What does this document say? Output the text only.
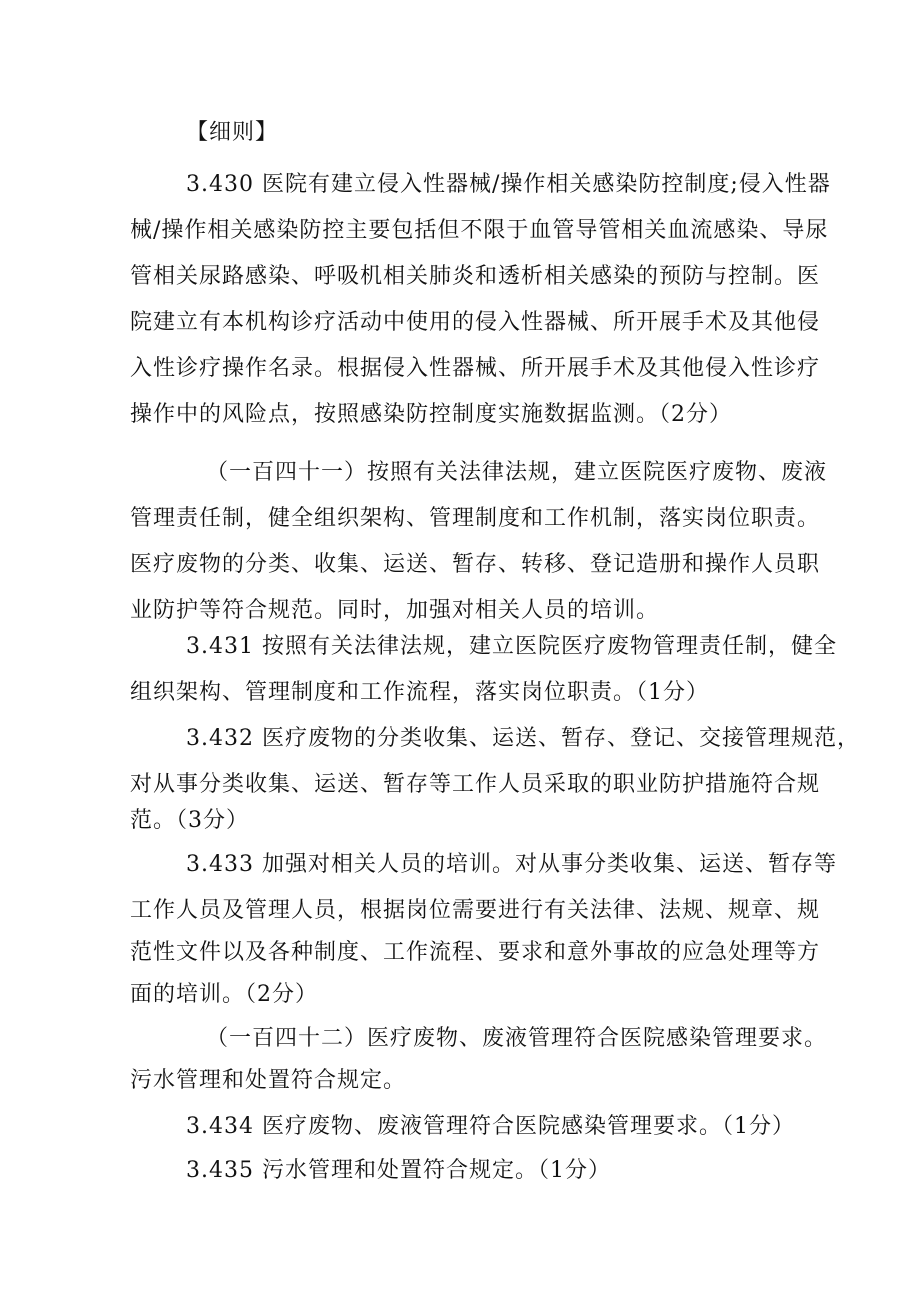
【细则】
3.430 医院有建立侵入性器械/操作相关感染防控制度;侵入性器
械/操作相关感染防控主要包括但不限于血管导管相关血流感染、导尿
管相关尿路感染、呼吸机相关肺炎和透析相关感染的预防与控制。医
院建立有本机构诊疗活动中使用的侵入性器械、所开展手术及其他侵
入性诊疗操作名录。根据侵入性器械、所开展手术及其他侵入性诊疗
操作中的风险点，按照感染防控制度实施数据监测。（2分）
（一百四十一）按照有关法律法规，建立医院医疗废物、废液
管理责任制，健全组织架构、管理制度和工作机制，落实岗位职责。
医疗废物的分类、收集、运送、暂存、转移、登记造册和操作人员职
业防护等符合规范。同时，加强对相关人员的培训。
3.431 按照有关法律法规，建立医院医疗废物管理责任制，健全
组织架构、管理制度和工作流程，落实岗位职责。（1分）
3.432 医疗废物的分类收集、运送、暂存、登记、交接管理规范，
对从事分类收集、运送、暂存等工作人员采取的职业防护措施符合规
范。（3分）
3.433 加强对相关人员的培训。对从事分类收集、运送、暂存等
工作人员及管理人员，根据岗位需要进行有关法律、法规、规章、规
范性文件以及各种制度、工作流程、要求和意外事故的应急处理等方
面的培训。（2分）
（一百四十二）医疗废物、废液管理符合医院感染管理要求。
污水管理和处置符合规定。
3.434 医疗废物、废液管理符合医院感染管理要求。（1分）
3.435 污水管理和处置符合规定。（1分）
